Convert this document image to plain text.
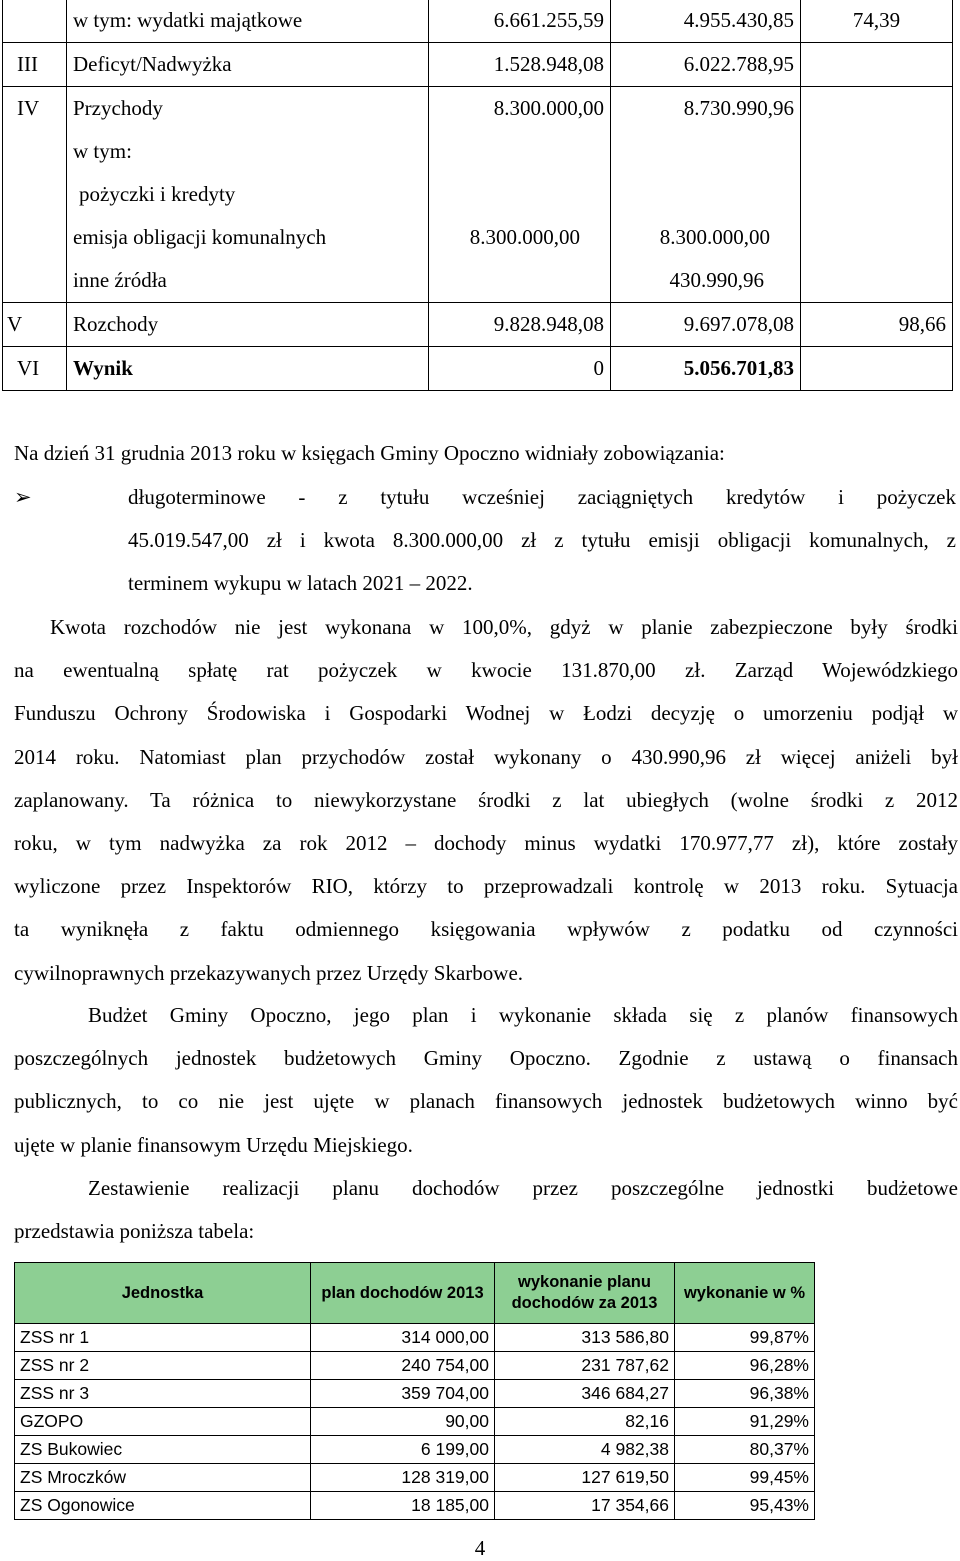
	w tym: wydatki majątkowe	6.661.255,59	4.955.430,85	74,39
III	Deficyt/Nadwyżka	1.528.948,08	6.022.788,95	
IV	Przychody	8.300.000,00	8.730.990,96	
	w tym:			
	pożyczki i kredyty			
	emisja obligacji komunalnych	8.300.000,00	8.300.000,00	
	inne źródła		430.990,96	
V	Rozchody	9.828.948,08	9.697.078,08	98,66
VI	Wynik	0	5.056.701,83	
Na dzień 31 grudnia 2013 roku w księgach Gminy Opoczno widniały zobowiązania:
➢	długoterminowe - z tytułu wcześniej zaciągniętych kredytów i pożyczek
45.019.547,00 zł i kwota 8.300.000,00 zł z tytułu emisji obligacji komunalnych, z
terminem wykupu w latach 2021 – 2022.
Kwota rozchodów nie jest wykonana w 100,0%, gdyż w planie zabezpieczone były środki
na ewentualną spłatę rat pożyczek w kwocie 131.870,00 zł. Zarząd Wojewódzkiego
Funduszu Ochrony Środowiska i Gospodarki Wodnej w Łodzi decyzję o umorzeniu podjął w
2014 roku. Natomiast plan przychodów został wykonany o 430.990,96 zł więcej aniżeli był
zaplanowany. Ta różnica to niewykorzystane środki z lat ubiegłych (wolne środki z 2012
roku, w tym nadwyżka za rok 2012 – dochody minus wydatki 170.977,77 zł), które zostały
wyliczone przez Inspektorów RIO, którzy to przeprowadzali kontrolę w 2013 roku. Sytuacja
ta wyniknęła z faktu odmiennego księgowania wpływów z podatku od czynności
cywilnoprawnych przekazywanych przez Urzędy Skarbowe.
Budżet Gminy Opoczno, jego plan i wykonanie składa się z planów finansowych
poszczególnych jednostek budżetowych Gminy Opoczno. Zgodnie z ustawą o finansach
publicznych, to co nie jest ujęte w planach finansowych jednostek budżetowych winno być
ujęte w planie finansowym Urzędu Miejskiego.
Zestawienie realizacji planu dochodów przez poszczególne jednostki budżetowe
przedstawia poniższa tabela:
Jednostka	plan dochodów 2013	wykonanie planu dochodów za 2013	wykonanie w %
ZSS nr 1	314 000,00	313 586,80	99,87%
ZSS nr 2	240 754,00	231 787,62	96,28%
ZSS nr 3	359 704,00	346 684,27	96,38%
GZOPO	90,00	82,16	91,29%
ZS Bukowiec	6 199,00	4 982,38	80,37%
ZS Mroczków	128 319,00	127 619,50	99,45%
ZS Ogonowice	18 185,00	17 354,66	95,43%
4
